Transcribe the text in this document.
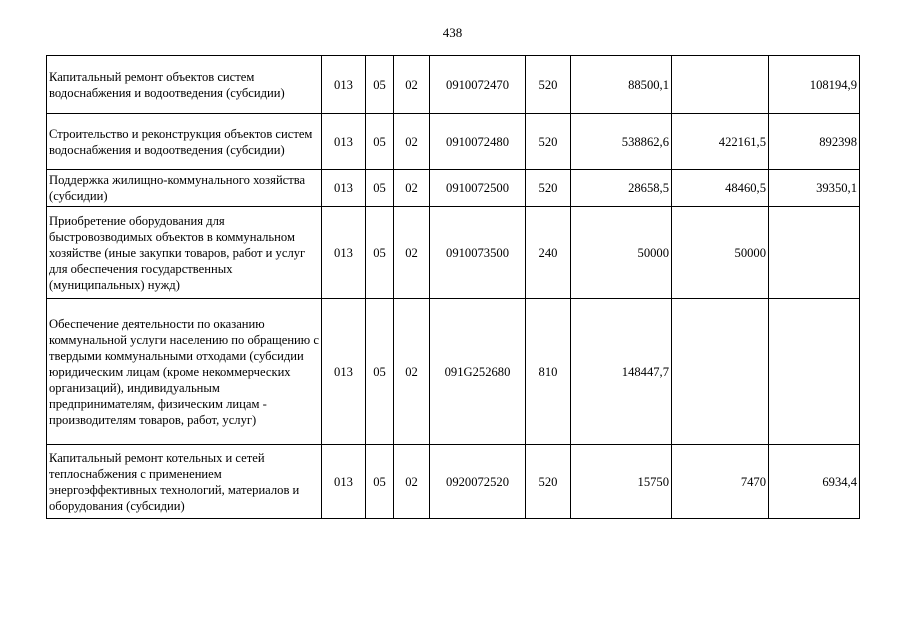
438
Капитальный ремонт объектов систем водоснабжения и водоотведения (субсидии)	013	05	02	0910072470	520	88500,1		108194,9
Строительство и реконструкция объектов систем водоснабжения и водоотведения (субсидии)	013	05	02	0910072480	520	538862,6	422161,5	892398
Поддержка жилищно-коммунального хозяйства (субсидии)	013	05	02	0910072500	520	28658,5	48460,5	39350,1
Приобретение оборудования для быстровозводимых объектов в коммунальном хозяйстве (иные закупки товаров, работ и услуг для обеспечения государственных (муниципальных) нужд)	013	05	02	0910073500	240	50000	50000	
Обеспечение деятельности по оказанию коммунальной услуги населению по обращению с твердыми коммунальными отходами (субсидии юридическим лицам (кроме некоммерческих организаций), индивидуальным предпринимателям, физическим лицам - производителям товаров, работ, услуг)	013	05	02	091G252680	810	148447,7		
Капитальный ремонт котельных и сетей теплоснабжения с применением энергоэффективных технологий, материалов и оборудования (субсидии)	013	05	02	0920072520	520	15750	7470	6934,4
